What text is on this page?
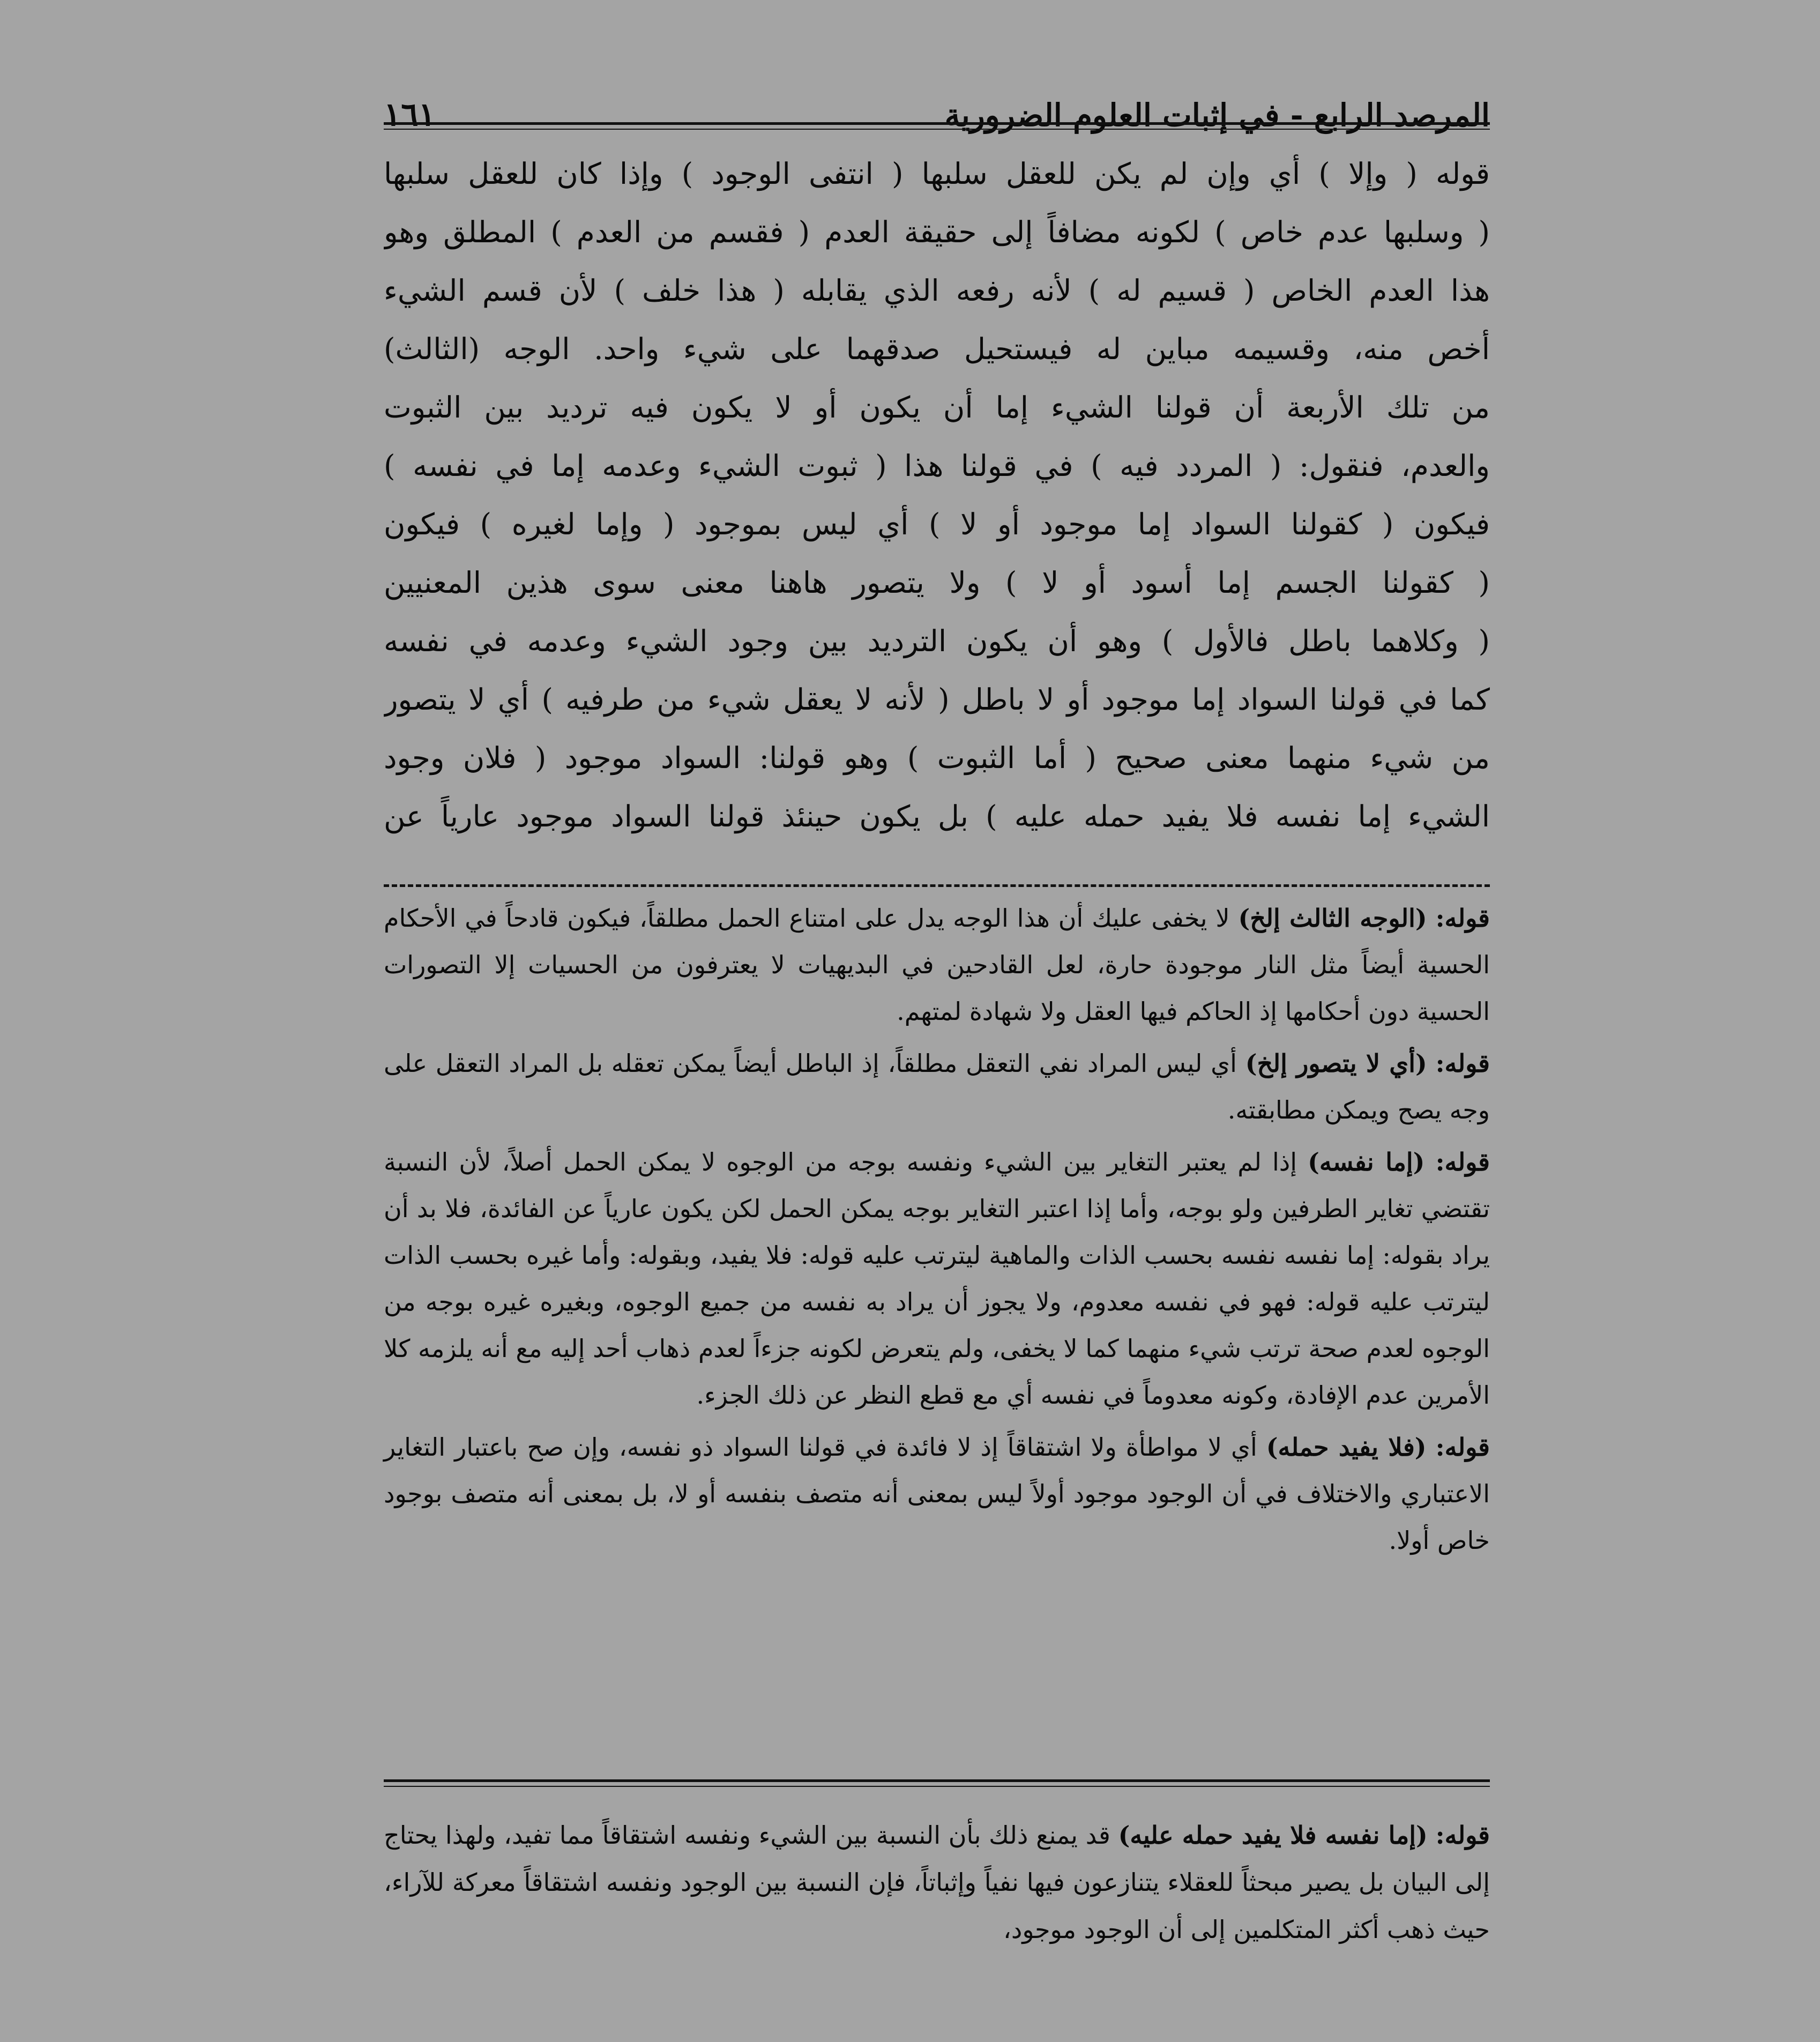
المرصد الرابع - في إثبات العلوم الضرورية
١٦١
قوله ( وإلا ) أي وإن لم يكن للعقل سلبها ( انتفى الوجود ) وإذا كان للعقل سلبها
( وسلبها عدم خاص ) لكونه مضافاً إلى حقيقة العدم ( فقسم من العدم ) المطلق وهو
هذا العدم الخاص ( قسيم له ) لأنه رفعه الذي يقابله ( هذا خلف ) لأن قسم الشيء
أخص منه، وقسيمه مباين له فيستحيل صدقهما على شيء واحد. الوجه (الثالث)
من تلك الأربعة أن قولنا الشيء إما أن يكون أو لا يكون فيه ترديد بين الثبوت
والعدم، فنقول: ( المردد فيه ) في قولنا هذا ( ثبوت الشيء وعدمه إما في نفسه )
فيكون ( كقولنا السواد إما موجود أو لا ) أي ليس بموجود ( وإما لغيره ) فيكون
( كقولنا الجسم إما أسود أو لا ) ولا يتصور هاهنا معنى سوى هذين المعنيين
( وكلاهما باطل فالأول ) وهو أن يكون الترديد بين وجود الشيء وعدمه في نفسه
كما في قولنا السواد إما موجود أو لا باطل ( لأنه لا يعقل شيء من طرفيه ) أي لا يتصور
من شيء منهما معنى صحيح ( أما الثبوت ) وهو قولنا: السواد موجود ( فلان وجود
الشيء إما نفسه فلا يفيد حمله عليه ) بل يكون حينئذ قولنا السواد موجود عارياً عن

قوله: (الوجه الثالث إلخ) لا يخفى عليك أن هذا الوجه يدل على امتناع الحمل مطلقاً، فيكون قادحاً في الأحكام الحسية أيضاً مثل النار موجودة حارة، لعل القادحين في البديهيات لا يعترفون من الحسيات إلا التصورات الحسية دون أحكامها إذ الحاكم فيها العقل ولا شهادة لمتهم.

قوله: (أي لا يتصور إلخ) أي ليس المراد نفي التعقل مطلقاً، إذ الباطل أيضاً يمكن تعقله بل المراد التعقل على وجه يصح ويمكن مطابقته.

قوله: (إما نفسه) إذا لم يعتبر التغاير بين الشيء ونفسه بوجه من الوجوه لا يمكن الحمل أصلاً، لأن النسبة تقتضي تغاير الطرفين ولو بوجه، وأما إذا اعتبر التغاير بوجه يمكن الحمل لكن يكون عارياً عن الفائدة، فلا بد أن يراد بقوله: إما نفسه نفسه بحسب الذات والماهية ليترتب عليه قوله: فلا يفيد، وبقوله: وأما غيره بحسب الذات ليترتب عليه قوله: فهو في نفسه معدوم، ولا يجوز أن يراد به نفسه من جميع الوجوه، وبغيره غيره بوجه من الوجوه لعدم صحة ترتب شيء منهما كما لا يخفى، ولم يتعرض لكونه جزءاً لعدم ذهاب أحد إليه مع أنه يلزمه كلا الأمرين عدم الإفادة، وكونه معدوماً في نفسه أي مع قطع النظر عن ذلك الجزء.

قوله: (فلا يفيد حمله) أي لا مواطأة ولا اشتقاقاً إذ لا فائدة في قولنا السواد ذو نفسه، وإن صح باعتبار التغاير الاعتباري والاختلاف في أن الوجود موجود أولاً ليس بمعنى أنه متصف بنفسه أو لا، بل بمعنى أنه متصف بوجود خاص أولا.

قوله: (إما نفسه فلا يفيد حمله عليه) قد يمنع ذلك بأن النسبة بين الشيء ونفسه اشتقاقاً مما تفيد، ولهذا يحتاج إلى البيان بل يصير مبحثاً للعقلاء يتنازعون فيها نفياً وإثباتاً، فإن النسبة بين الوجود ونفسه اشتقاقاً معركة للآراء، حيث ذهب أكثر المتكلمين إلى أن الوجود موجود،
